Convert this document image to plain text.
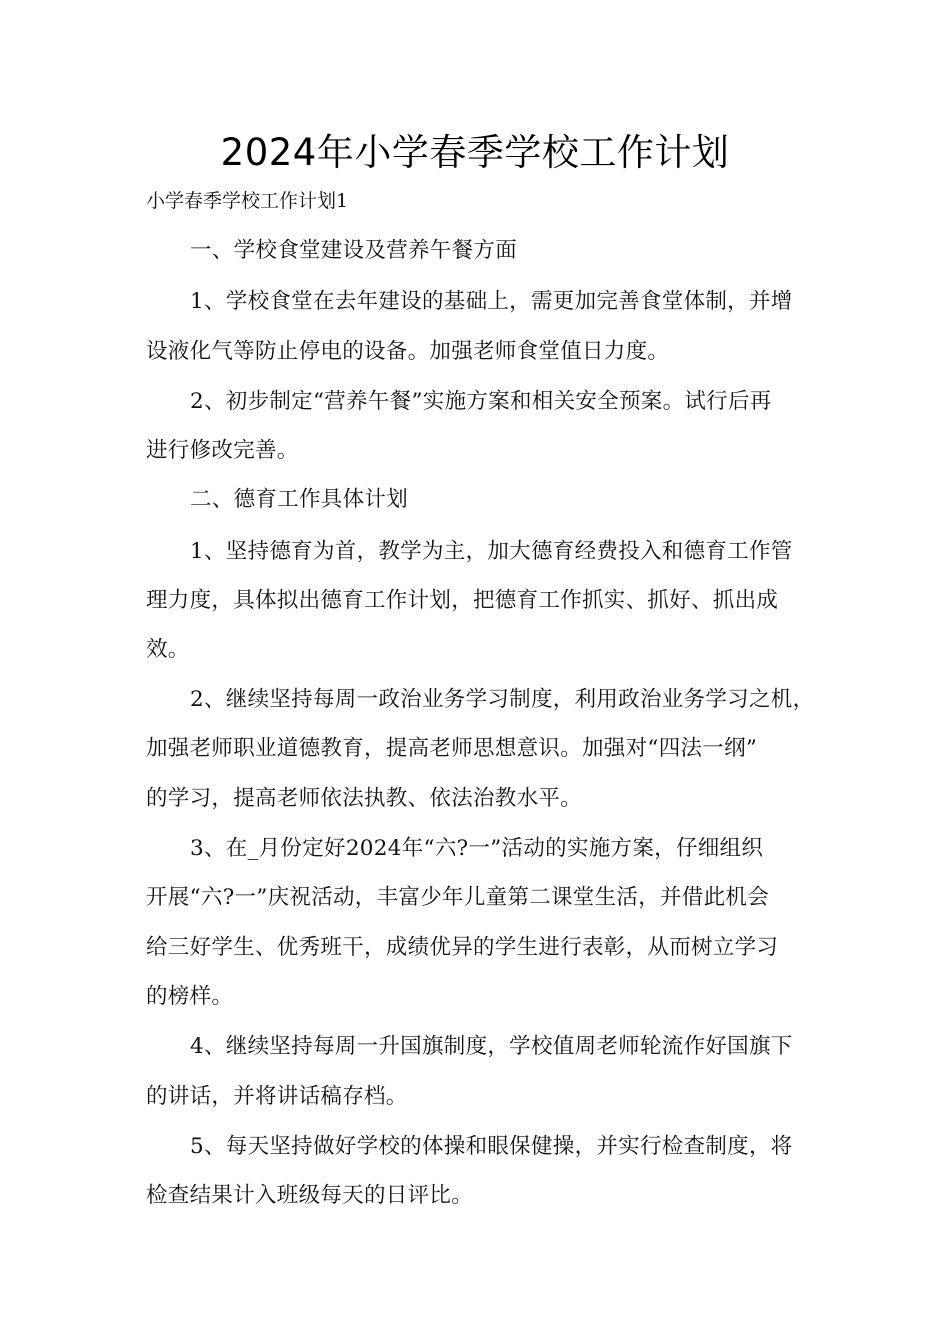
2024年小学春季学校工作计划
小学春季学校工作计划1
一、学校食堂建设及营养午餐方面
1、学校食堂在去年建设的基础上，需更加完善食堂体制，并增
设液化气等防止停电的设备。加强老师食堂值日力度。
2、初步制定“营养午餐”实施方案和相关安全预案。试行后再
进行修改完善。
二、德育工作具体计划
1、坚持德育为首，教学为主，加大德育经费投入和德育工作管
理力度，具体拟出德育工作计划，把德育工作抓实、抓好、抓出成
效。
2、继续坚持每周一政治业务学习制度，利用政治业务学习之机，
加强老师职业道德教育，提高老师思想意识。加强对“四法一纲”
的学习，提高老师依法执教、依法治教水平。
3、在_月份定好2024年“六?一”活动的实施方案，仔细组织
开展“六?一”庆祝活动，丰富少年儿童第二课堂生活，并借此机会
给三好学生、优秀班干，成绩优异的学生进行表彰，从而树立学习
的榜样。
4、继续坚持每周一升国旗制度，学校值周老师轮流作好国旗下
的讲话，并将讲话稿存档。
5、每天坚持做好学校的体操和眼保健操，并实行检查制度，将
检查结果计入班级每天的日评比。
